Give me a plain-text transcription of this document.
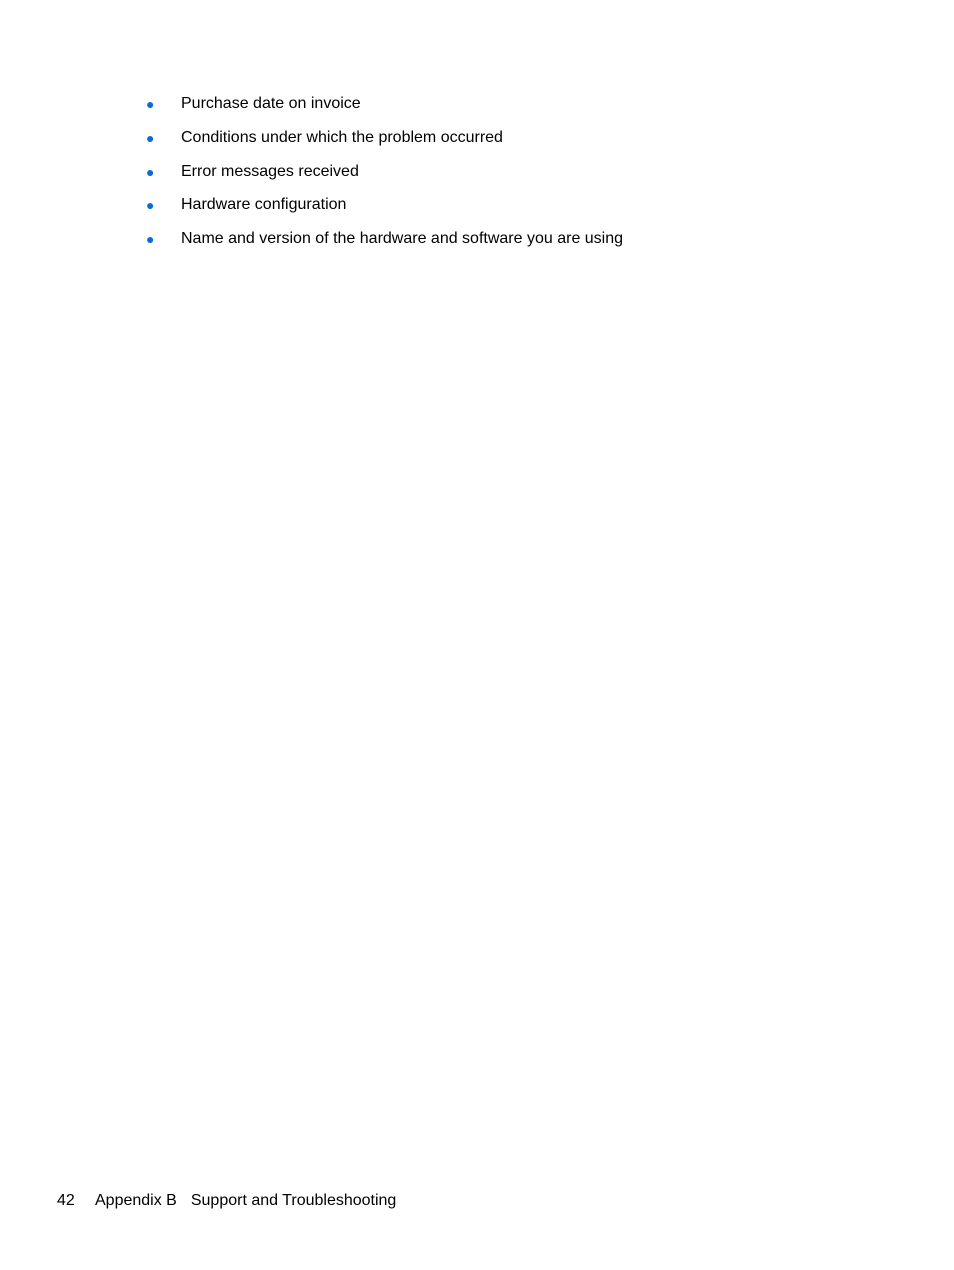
● Purchase date on invoice
● Conditions under which the problem occurred
● Error messages received
● Hardware configuration
● Name and version of the hardware and software you are using
42 Appendix B Support and Troubleshooting
